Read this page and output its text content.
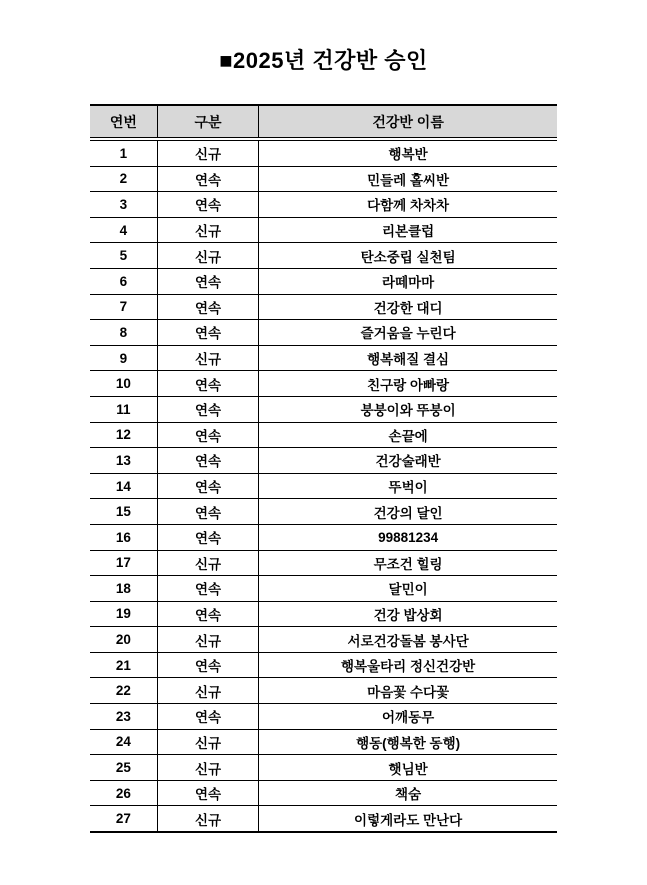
■2025년 건강반 승인
연번	구분	건강반 이름
1	신규	행복반
2	연속	민들레 홀씨반
3	연속	다함께 차차차
4	신규	리본클럽
5	신규	탄소중립 실천팀
6	연속	라떼마마
7	연속	건강한 대디
8	연속	즐거움을 누린다
9	신규	행복해질 결심
10	연속	친구랑 아빠랑
11	연속	붕붕이와 뚜붕이
12	연속	손끝에
13	연속	건강술래반
14	연속	뚜벅이
15	연속	건강의 달인
16	연속	99881234
17	신규	무조건 힐링
18	연속	달민이
19	연속	건강 밥상회
20	신규	서로건강돌봄 봉사단
21	연속	행복울타리 정신건강반
22	신규	마음꽃 수다꽃
23	연속	어깨동무
24	신규	행동(행복한 동행)
25	신규	햇님반
26	연속	책숨
27	신규	이렇게라도 만난다
